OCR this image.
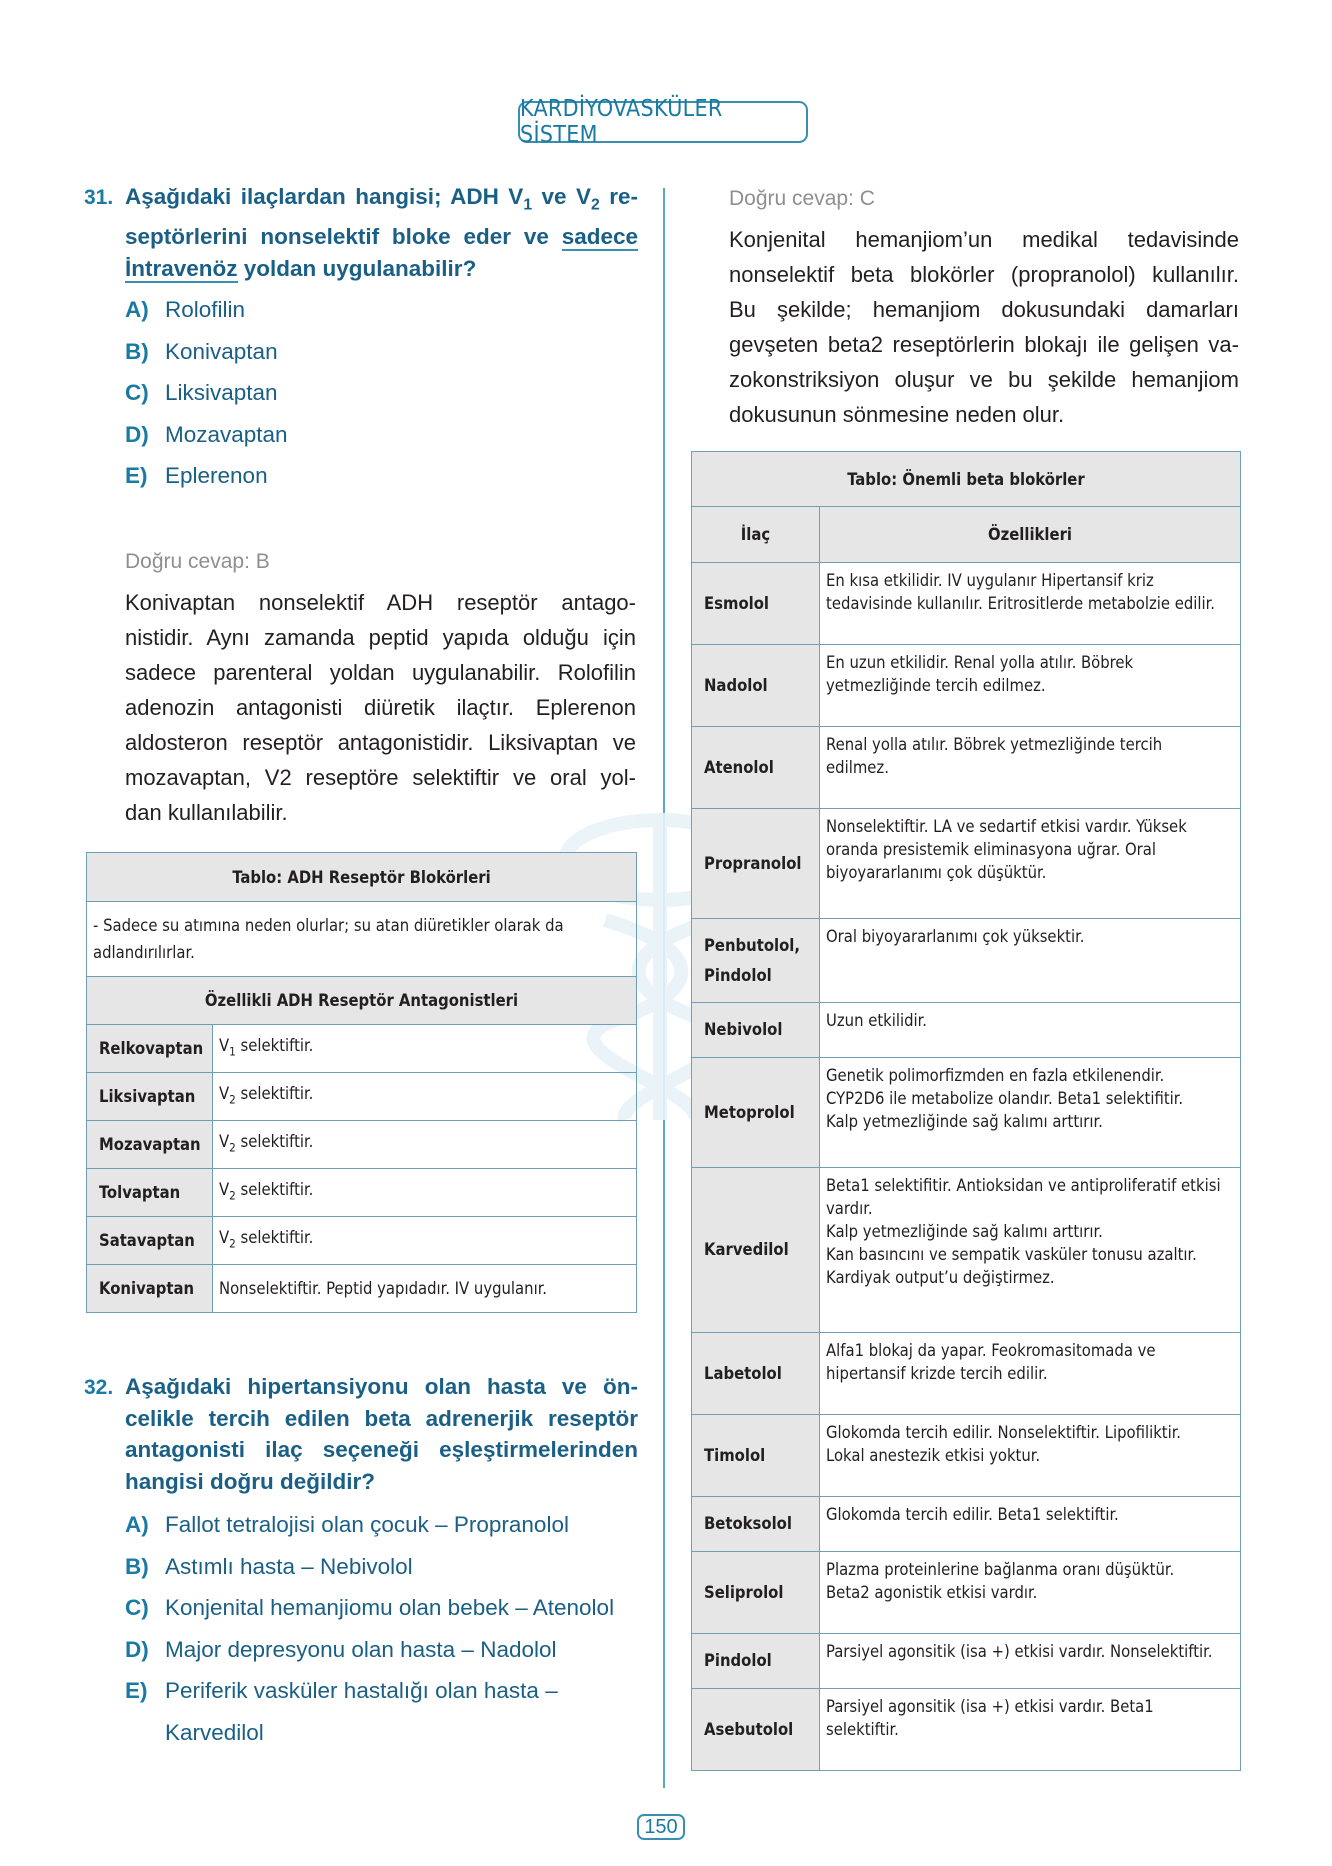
KARDİYOVASKÜLER SİSTEM
31. Aşağıdaki ilaçlardan hangisi; ADH $V_1$ ve $V_2$ re-
septörlerini nonselektif bloke eder ve sadece
İntravenöz yoldan uygulanabilir?
A) Rolofilin
B) Konivaptan
C) Liksivaptan
D) Mozavaptan
E) Eplerenon
Doğru cevap: B
Konivaptan nonselektif ADH reseptör antago-
nistidir. Aynı zamanda peptid yapıda olduğu için
sadece parenteral yoldan uygulanabilir. Rolofilin
adenozin antagonisti diüretik ilaçtır. Eplerenon
aldosteron reseptör antagonistidir. Liksivaptan ve
mozavaptan, V2 reseptöre selektiftir ve oral yol-
dan kullanılabilir.
Tablo: ADH Reseptör Blokörleri	
- Sadece su atımına neden olurlar; su atan diüretikler olarak da adlandırılırlar.	
Özellikli ADH Reseptör Antagonistleri	
Relkovaptan	$V_1$ selektiftir.
Liksivaptan	$V_2$ selektiftir.
Mozavaptan	$V_2$ selektiftir.
Tolvaptan	$V_2$ selektiftir.
Satavaptan	$V_2$ selektiftir.
Konivaptan	Nonselektiftir. Peptid yapıdadır. IV uygulanır.
32. Aşağıdaki hipertansiyonu olan hasta ve ön-
celikle tercih edilen beta adrenerjik reseptör
antagonisti ilaç seçeneği eşleştirmelerinden
hangisi doğru değildir?
A) Fallot tetralojisi olan çocuk – Propranolol
B) Astımlı hasta – Nebivolol
C) Konjenital hemanjiomu olan bebek – Atenolol
D) Major depresyonu olan hasta – Nadolol
E) Periferik vasküler hastalığı olan hasta –
Karvedilol
Doğru cevap: C
Konjenital hemanjiom’un medikal tedavisinde
nonselektif beta blokörler (propranolol) kullanılır.
Bu şekilde; hemanjiom dokusundaki damarları
gevşeten beta2 reseptörlerin blokajı ile gelişen va-
zokonstriksiyon oluşur ve bu şekilde hemanjiom
dokusunun sönmesine neden olur.
Tablo: Önemli beta blokörler	
İlaç	Özellikleri

Esmolol	En kısa etkilidir. IV uygulanır Hipertansif kriz
tedavisinde kullanılır. Eritrositlerde metabolzie edilir.

Nadolol	En uzun etkilidir. Renal yolla atılır. Böbrek
yetmezliğinde tercih edilmez.

Atenolol	Renal yolla atılır. Böbrek yetmezliğinde tercih
edilmez.

Propranolol	Nonselektiftir. LA ve sedartif etkisi vardır. Yüksek
oranda presistemik eliminasyona uğrar. Oral
biyoyararlanımı çok düşüktür.

Penbutolol,
Pindolol	Oral biyoyararlanımı çok yüksektir.

Nebivolol	Uzun etkilidir.

Metoprolol	Genetik polimorfizmden en fazla etkilenendir.
CYP2D6 ile metabolize olandır. Beta1 selektifitir.
Kalp yetmezliğinde sağ kalımı arttırır.

Karvedilol	Beta1 selektifitir. Antioksidan ve antiproliferatif etkisi
vardır.
Kalp yetmezliğinde sağ kalımı arttırır.
Kan basıncını ve sempatik vasküler tonusu azaltır.
Kardiyak output’u değiştirmez.

Labetolol	Alfa1 blokaj da yapar. Feokromasitomada ve
hipertansif krizde tercih edilir.

Timolol	Glokomda tercih edilir. Nonselektiftir. Lipofiliktir.
Lokal anestezik etkisi yoktur.

Betoksolol	Glokomda tercih edilir. Beta1 selektiftir.

Seliprolol	Plazma proteinlerine bağlanma oranı düşüktür.
Beta2 agonistik etkisi vardır.

Pindolol	Parsiyel agonsitik (isa +) etkisi vardır. Nonselektiftir.

Asebutolol	Parsiyel agonsitik (isa +) etkisi vardır. Beta1
selektiftir.
150
